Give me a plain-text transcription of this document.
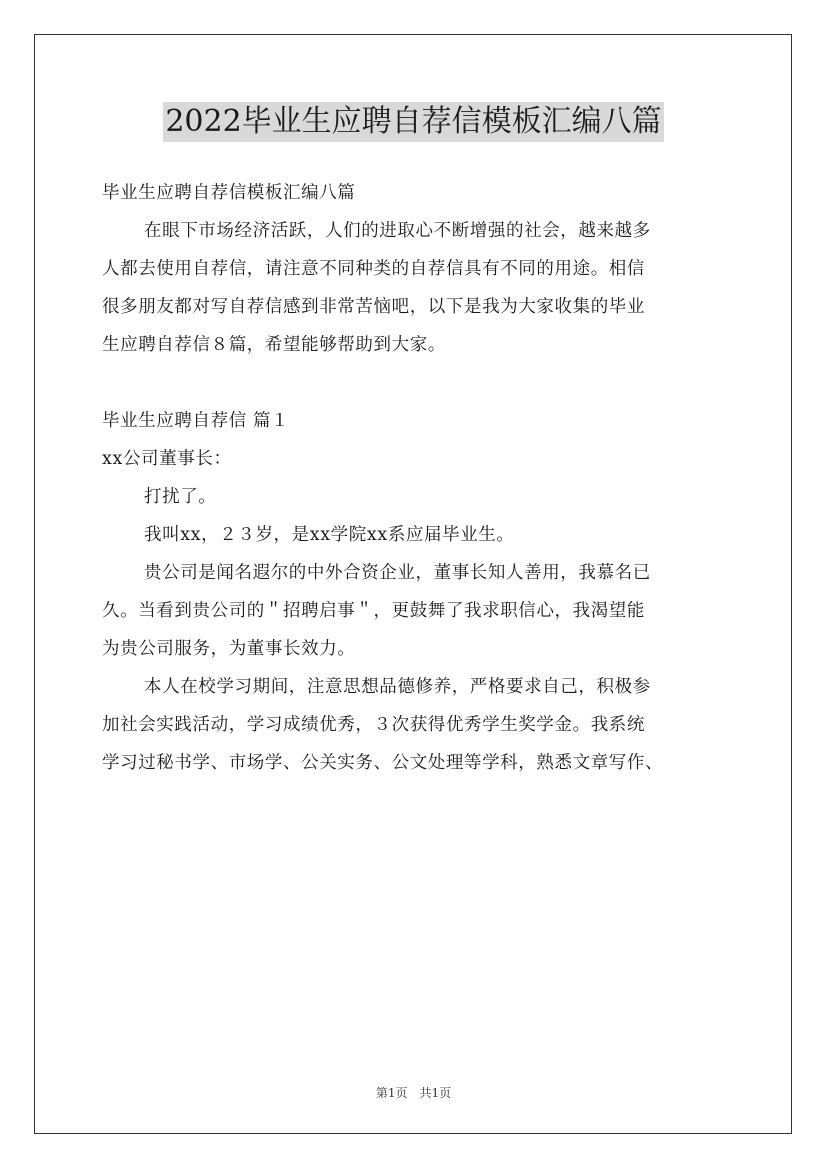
2022毕业生应聘自荐信模板汇编八篇
毕业生应聘自荐信模板汇编八篇
在眼下市场经济活跃，人们的进取心不断增强的社会，越来越多
人都去使用自荐信，请注意不同种类的自荐信具有不同的用途。相信
很多朋友都对写自荐信感到非常苦恼吧，以下是我为大家收集的毕业
生应聘自荐信８篇，希望能够帮助到大家。
毕业生应聘自荐信 篇１
xx公司董事长：
打扰了。
我叫xx，２３岁，是xx学院xx系应届毕业生。
贵公司是闻名遐尔的中外合资企业，董事长知人善用，我慕名已
久。当看到贵公司的＂招聘启事＂，更鼓舞了我求职信心，我渴望能
为贵公司服务，为董事长效力。
本人在校学习期间，注意思想品德修养，严格要求自己，积极参
加社会实践活动，学习成绩优秀，３次获得优秀学生奖学金。我系统
学习过秘书学、市场学、公关实务、公文处理等学科，熟悉文章写作、
第1页　共1页
